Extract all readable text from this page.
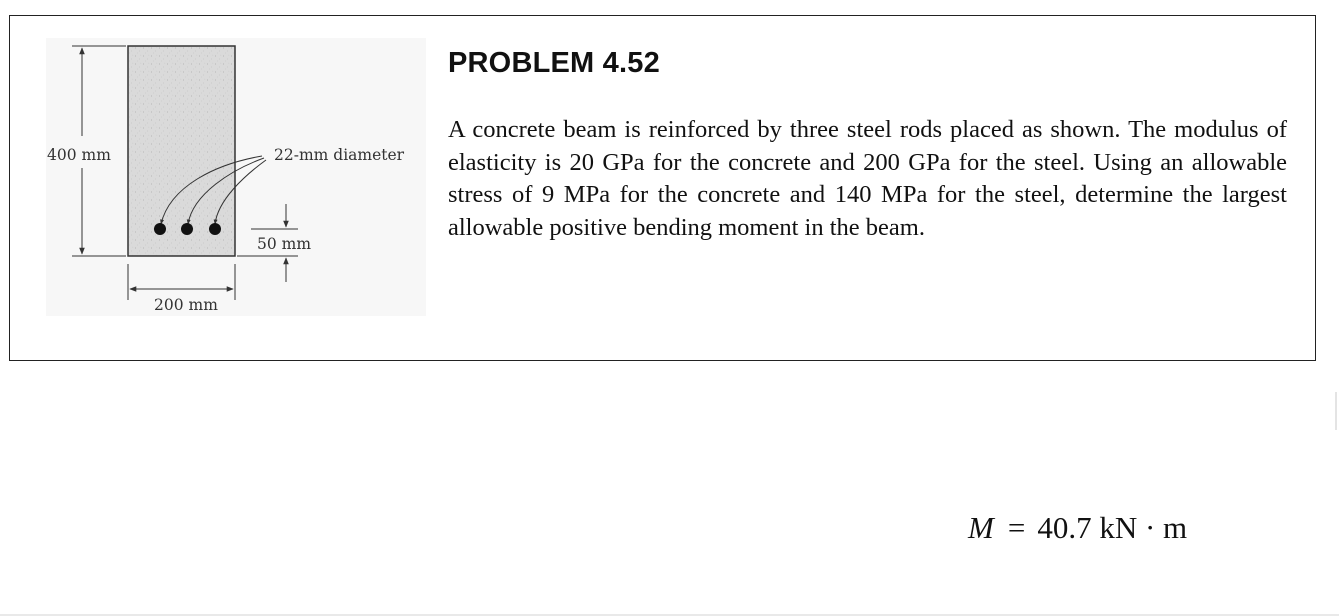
400 mm
200 mm
22-mm diameter
50 mm
PROBLEM 4.52

A concrete beam is reinforced by three steel rods placed as shown. The modulus of elasticity is 20 GPa for the concrete and 200 GPa for the steel. Using an allowable stress of 9 MPa for the concrete and 140 MPa for the steel, determine the largest allowable positive bending moment in the beam.

M = 40.7 kN · m
